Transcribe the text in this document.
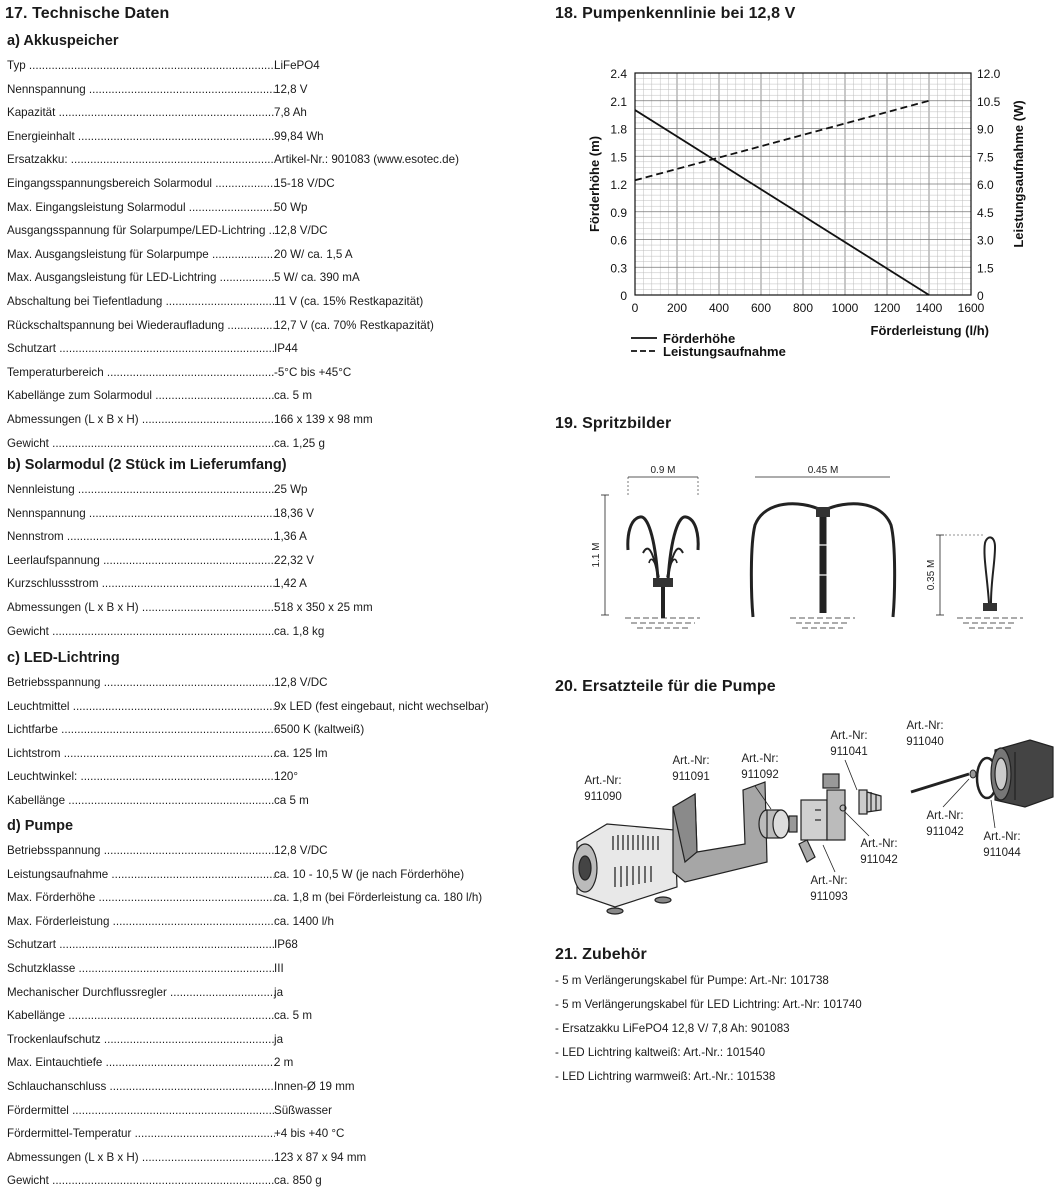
17. Technische Daten	18. Pumpenkennlinie bei 12,8 V
19. Spritzbilder
20. Ersatzteile für die Pumpe
21. Zubehör
a) Akkuspeicher
Typ .....	LiFePO4
Nennspannung .....	12,8 V
Kapazität .....	7,8 Ah
Energieinhalt .....	99,84 Wh
Ersatzakku: .....	Artikel-Nr.: 901083 (www.esotec.de)
Eingangsspannungsbereich Solarmodul .....	15-18 V/DC
Max. Eingangsleistung Solarmodul .....	50 Wp
Ausgangsspannung für Solarpumpe/LED-Lichtring ..... 12,8 V/DC
Max. Ausgangsleistung für Solarpumpe .....	20 W/ ca. 1,5 A
Max. Ausgangsleistung für LED-Lichtring .....	5 W/ ca. 390 mA
Abschaltung bei Tiefentladung .....	11 V (ca. 15% Restkapazität)
Rückschaltspannung bei Wiederaufladung .....	12,7 V (ca. 70% Restkapazität)
Schutzart .....	IP44
Temperaturbereich .....	-5°C bis +45°C
Kabellänge zum Solarmodul .....	ca. 5 m
Abmessungen (L x B x H) .....	166 x 139 x 98 mm
Gewicht .....	ca. 1,25 g
b) Solarmodul (2 Stück im Lieferumfang)
Nennleistung .....	25 Wp
Nennspannung .....	18,36 V
Nennstrom .....	1,36 A
Leerlaufspannung .....	22,32 V
Kurzschlussstrom .....	1,42 A
Abmessungen (L x B x H) .....	518 x 350 x 25 mm
Gewicht .....	ca. 1,8 kg
c) LED-Lichtring
Betriebsspannung .....	12,8 V/DC
Leuchtmittel .....	9x LED (fest eingebaut, nicht wechselbar)
Lichtfarbe .....	6500 K (kaltweiß)
Lichtstrom .....	ca. 125 lm
Leuchtwinkel: .....	120°
Kabellänge .....	ca 5 m
d) Pumpe
Betriebsspannung .....	12,8 V/DC
Leistungsaufnahme .....	ca. 10 - 10,5 W (je nach Förderhöhe)
Max. Förderhöhe .....	ca. 1,8 m (bei Förderleistung ca. 180 l/h)
Max. Förderleistung .....	ca. 1400 l/h
Schutzart .....	IP68
Schutzklasse .....	III
Mechanischer Durchflussregler .....	ja
Kabellänge .....	ca. 5 m
Trockenlaufschutz .....	ja
Max. Eintauchtiefe .....	2 m
Schlauchanschluss .....	Innen-Ø 19 mm
Fördermittel .....	Süßwasser
Fördermittel-Temperatur .....	+4 bis +40 °C
Abmessungen (L x B x H) .....	123 x 87 x 94 mm
Gewicht .....	ca. 850 g
0 200 400 600 800 1000 1200 1400 1600
0
0.3
0.6
0.9
1.2
1.5
1.8
2.1
2.4
0
1.5
3.0
4.5
6.0
7.5
9.0
10.5
12.0
Förderhöhe (m)	Leistungsaufnahme (W)
Förderleistung (l/h)
Förderhöhe
Leistungsaufnahme
0.9 M
1.1 M
0.45 M
0.35 M
Art.-Nr: 911090
Art.-Nr: 911091
Art.-Nr: 911092
Art.-Nr: 911041
Art.-Nr: 911040
Art.-Nr: 911093
Art.-Nr: 911042
Art.-Nr: 911042 Art.-Nr: 911044
- 5 m Verlängerungskabel für Pumpe: Art.-Nr: 101738
- 5 m Verlängerungskabel für LED Lichtring: Art.-Nr: 101740
- Ersatzakku LiFePO4 12,8 V/ 7,8 Ah: 901083
- LED Lichtring kaltweiß: Art.-Nr.: 101540
- LED Lichtring warmweiß: Art.-Nr.: 101538
